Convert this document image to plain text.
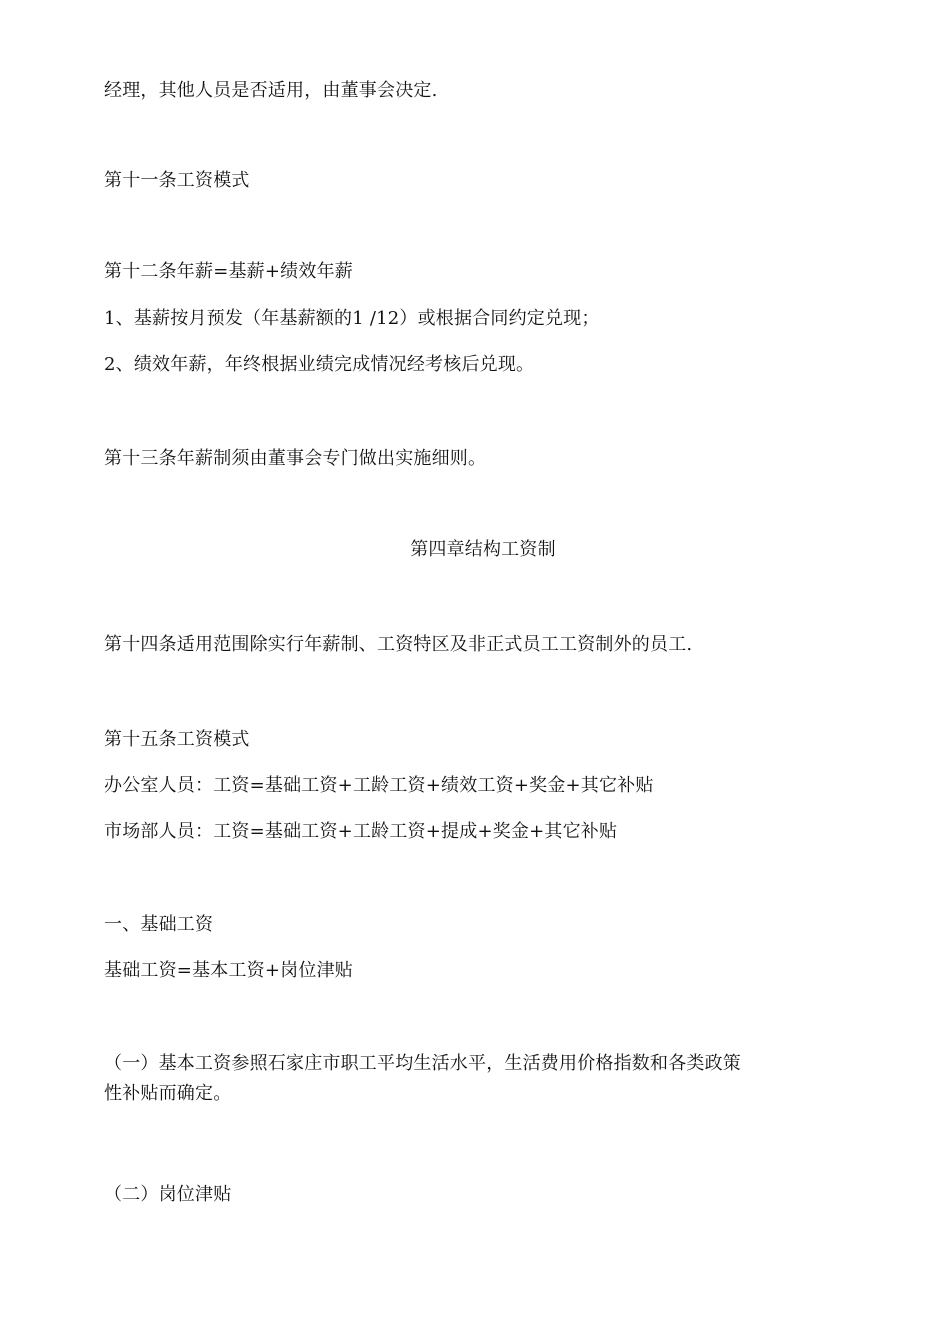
经理，其他人员是否适用，由董事会决定.
第十一条工资模式
第十二条年薪=基薪+绩效年薪
1、基薪按月预发（年基薪额的1 /12）或根据合同约定兑现；
2、绩效年薪，年终根据业绩完成情况经考核后兑现。
第十三条年薪制须由董事会专门做出实施细则。
第四章结构工资制
第十四条适用范围除实行年薪制、工资特区及非正式员工工资制外的员工.
第十五条工资模式
办公室人员：工资=基础工资+工龄工资+绩效工资+奖金+其它补贴
市场部人员：工资=基础工资+工龄工资+提成+奖金+其它补贴
一、基础工资
基础工资=基本工资+岗位津贴
（一）基本工资参照石家庄市职工平均生活水平，生活费用价格指数和各类政策
性补贴而确定。
（二）岗位津贴
